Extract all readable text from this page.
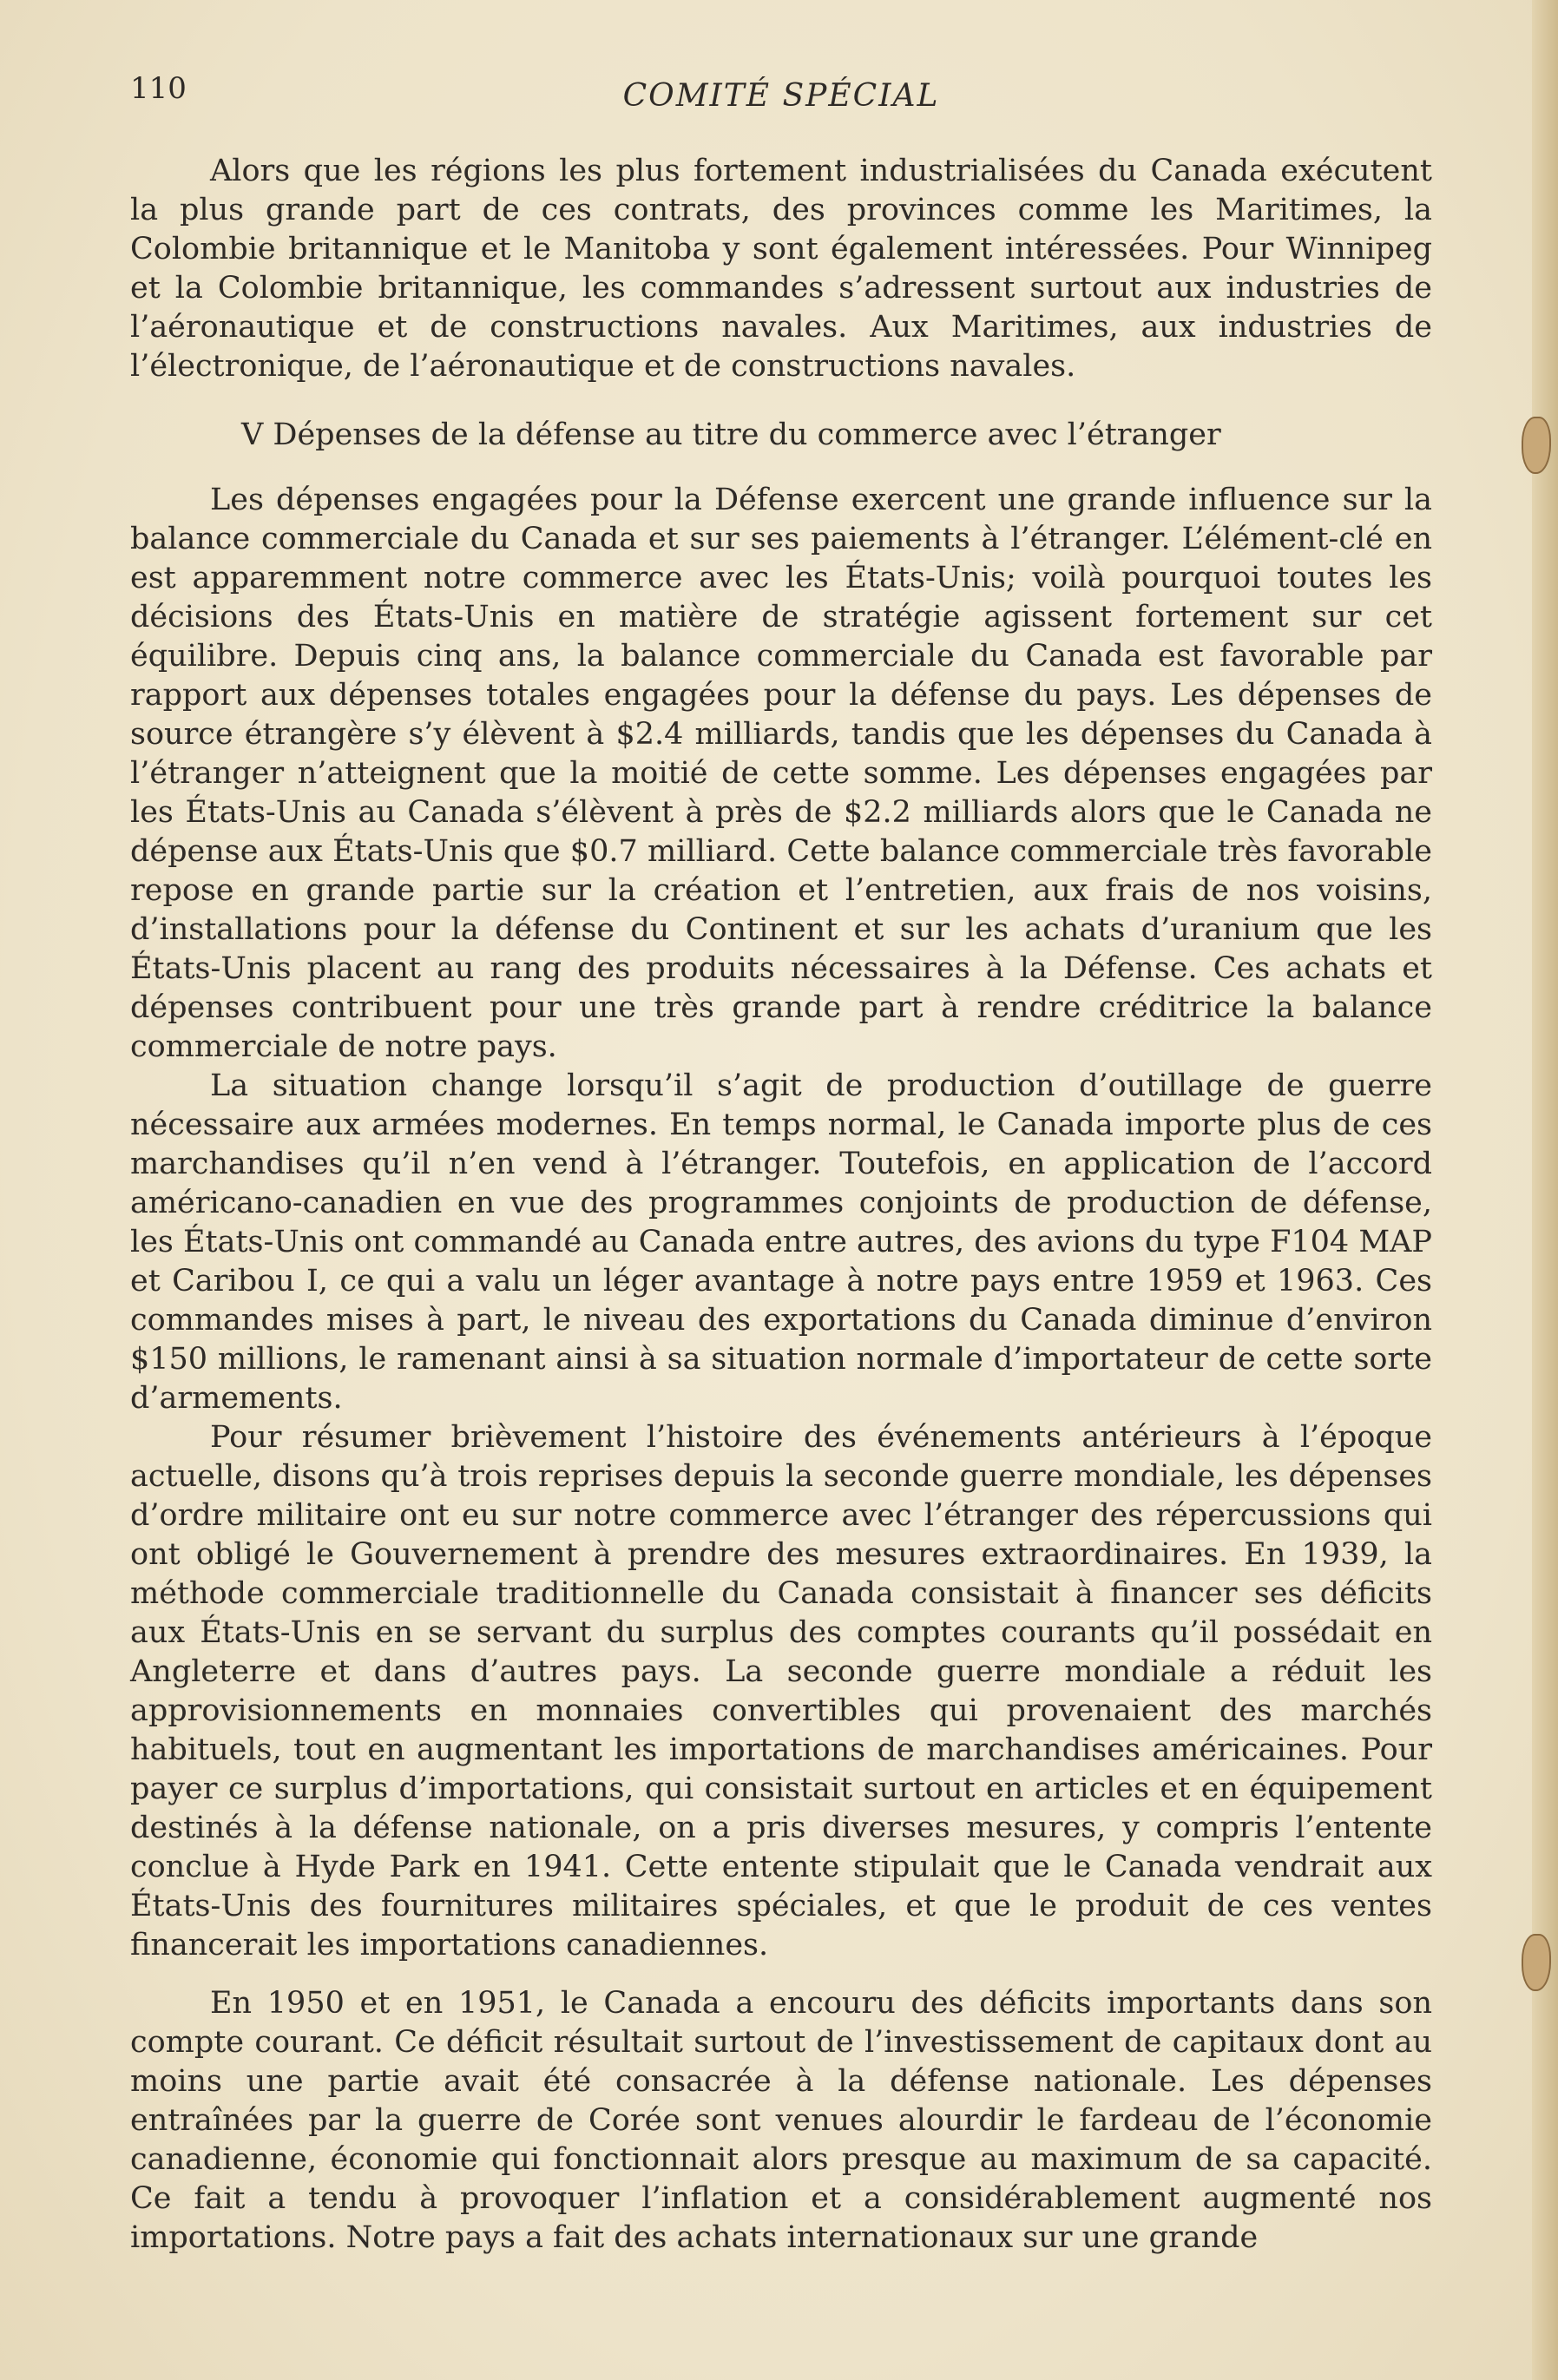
110	COMITÉ SPÉCIAL

Alors que les régions les plus fortement industrialisées du Canada exécutent la plus grande part de ces contrats, des provinces comme les Maritimes, la Colombie britannique et le Manitoba y sont également intéressées. Pour Winnipeg et la Colombie britannique, les commandes s’adressent surtout aux industries de l’aéronautique et de constructions navales. Aux Maritimes, aux industries de l’électronique, de l’aéronautique et de constructions navales.

V Dépenses de la défense au titre du commerce avec l’étranger

Les dépenses engagées pour la Défense exercent une grande influence sur la balance commerciale du Canada et sur ses paiements à l’étranger. L’élément-clé en est apparemment notre commerce avec les États-Unis; voilà pourquoi toutes les décisions des États-Unis en matière de stratégie agissent fortement sur cet équilibre. Depuis cinq ans, la balance commerciale du Canada est favorable par rapport aux dépenses totales engagées pour la défense du pays. Les dépenses de source étrangère s’y élèvent à $2.4 milliards, tandis que les dépenses du Canada à l’étranger n’atteignent que la moitié de cette somme. Les dépenses engagées par les États-Unis au Canada s’élèvent à près de $2.2 milliards alors que le Canada ne dépense aux États-Unis que $0.7 milliard. Cette balance commerciale très favorable repose en grande partie sur la création et l’entretien, aux frais de nos voisins, d’installations pour la défense du Continent et sur les achats d’uranium que les États-Unis placent au rang des produits nécessaires à la Défense. Ces achats et dépenses contribuent pour une très grande part à rendre créditrice la balance commerciale de notre pays.

La situation change lorsqu’il s’agit de production d’outillage de guerre nécessaire aux armées modernes. En temps normal, le Canada importe plus de ces marchandises qu’il n’en vend à l’étranger. Toutefois, en application de l’accord américano-canadien en vue des programmes conjoints de production de défense, les États-Unis ont commandé au Canada entre autres, des avions du type F104 MAP et Caribou I, ce qui a valu un léger avantage à notre pays entre 1959 et 1963. Ces commandes mises à part, le niveau des exportations du Canada diminue d’environ $150 millions, le ramenant ainsi à sa situation normale d’importateur de cette sorte d’armements.

Pour résumer brièvement l’histoire des événements antérieurs à l’époque actuelle, disons qu’à trois reprises depuis la seconde guerre mondiale, les dépenses d’ordre militaire ont eu sur notre commerce avec l’étranger des répercussions qui ont obligé le Gouvernement à prendre des mesures extraordinaires. En 1939, la méthode commerciale traditionnelle du Canada consistait à financer ses déficits aux États-Unis en se servant du surplus des comptes courants qu’il possédait en Angleterre et dans d’autres pays. La seconde guerre mondiale a réduit les approvisionnements en monnaies convertibles qui provenaient des marchés habituels, tout en augmentant les importations de marchandises américaines. Pour payer ce surplus d’importations, qui consistait surtout en articles et en équipement destinés à la défense nationale, on a pris diverses mesures, y compris l’entente conclue à Hyde Park en 1941. Cette entente stipulait que le Canada vendrait aux États-Unis des fournitures militaires spéciales, et que le produit de ces ventes financerait les importations canadiennes.

En 1950 et en 1951, le Canada a encouru des déficits importants dans son compte courant. Ce déficit résultait surtout de l’investissement de capitaux dont au moins une partie avait été consacrée à la défense nationale. Les dépenses entraînées par la guerre de Corée sont venues alourdir le fardeau de l’économie canadienne, économie qui fonctionnait alors presque au maximum de sa capacité. Ce fait a tendu à provoquer l’inflation et a considérablement augmenté nos importations. Notre pays a fait des achats internationaux sur une grande
